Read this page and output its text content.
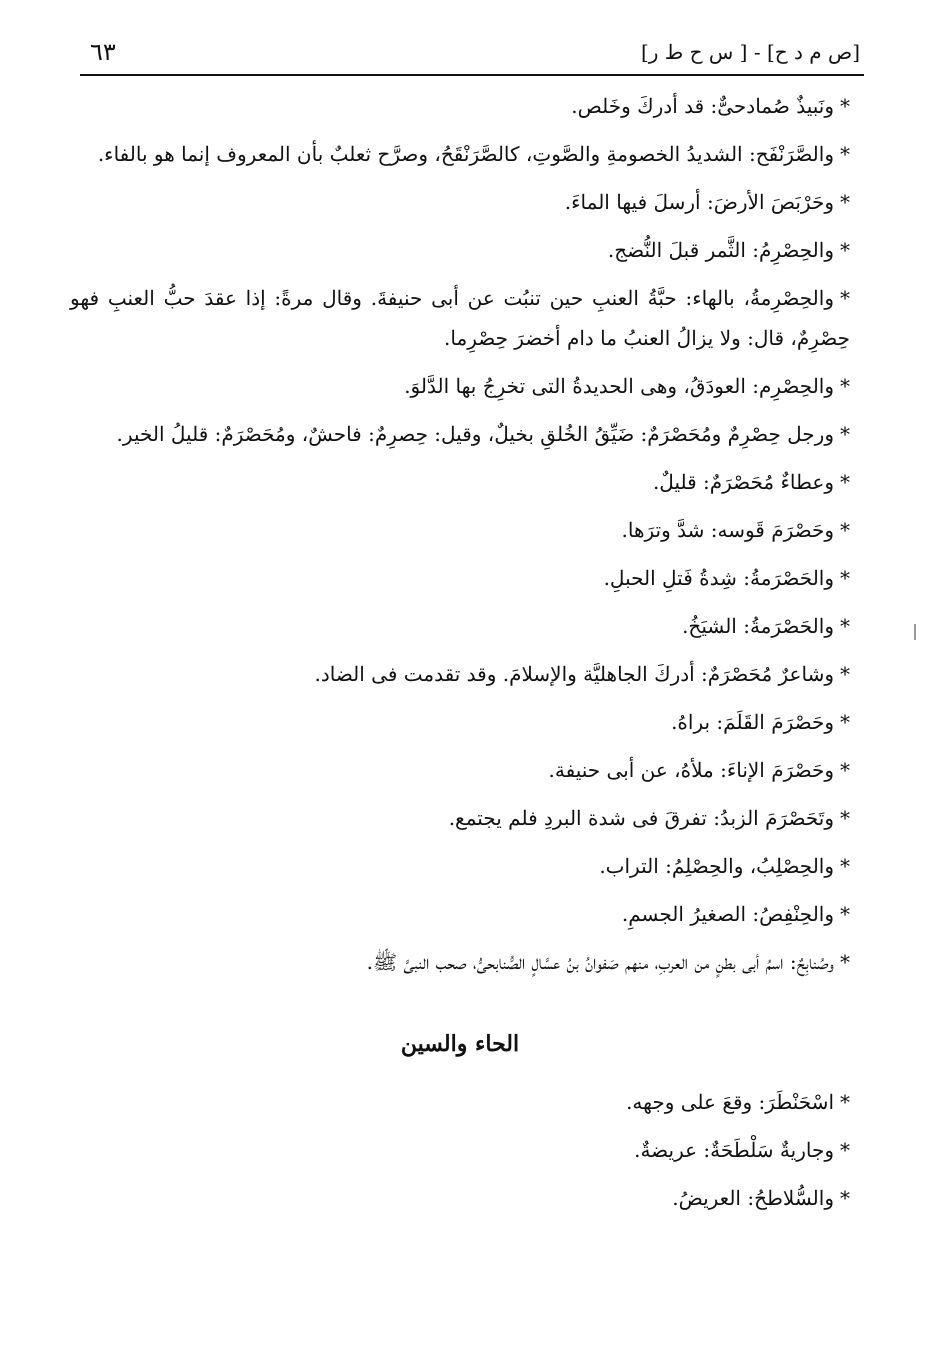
[ص م د ح] - [ س ح ط ر]
٦٣

*ونَبيذٌ صُمادحىٌّ: قد أدركَ وخَلص.

*والصَّرَنْفَح: الشديدُ الخصومةِ والصَّوتِ، كالصَّرَنْقَحُ، وصرَّح ثعلبٌ بأن المعروف إنما هو بالفاء.

*وحَرْبَصَ الأرضَ: أرسلَ فيها الماءَ.

*والحِصْرِمُ: الثَّمر قبلَ النُّضج.

*والحِصْرِمةُ، بالهاء: حبَّةُ العنبِ حين تنبُت عن أبى حنيفةَ. وقال مرةً: إذا عقدَ حبُّ العنبِ فهو حِصْرِمٌ، قال: ولا يزالُ العنبُ ما دام أخضرَ حِصْرِما.

*والحِصْرِم: العودَقُ، وهى الحديدةُ التى تخرِجُ بها الدَّلوَ.

*ورجل حِصْرِمٌ ومُحَصْرَمٌ: ضَيِّقُ الخُلقِ بخيلٌ، وقيل: حِصرِمٌ: فاحشٌ، ومُحَصْرَمٌ: قليلُ الخير.

*وعطاءٌ مُحَصْرَمٌ: قليلٌ.

*وحَصْرَمَ قَوسه: شدَّ وترَها.

*والحَصْرَمةُ: شِدةُ فَتلِ الحبلِ.

*والحَصْرَمةُ: الشيَخُ.

*وشاعرٌ مُحَصْرَمٌ: أدركَ الجاهليَّة والإسلامَ. وقد تقدمت فى الضاد.

*وحَصْرَمَ القَلَمَ: براهُ.

*وحَصْرَمَ الإناءَ: ملأهُ، عن أبى حنيفة.

*وتَحَصْرَمَ الزبدُ: تفرقَ فى شدة البردِ فلم يجتمع.

*والحِصْلِبُ، والحِصْلِمُ: التراب.

*والحِنْفِصُ: الصغيرُ الجسمِ.

*وصُنابِحٌ: اسمُ أبى بطنٍ من العربِ، منهم صَفوانُ بنُ عسَّالٍ الصُّنابحىُّ، صحب النبىَّ ﷺ.

الحاء والسين

*اسْحَنْطَرَ: وقعَ على وجهه.

*وجاريةٌ سَلْطَحَةٌ: عريضةٌ.

*والسُّلاطحُ: العريضُ.
